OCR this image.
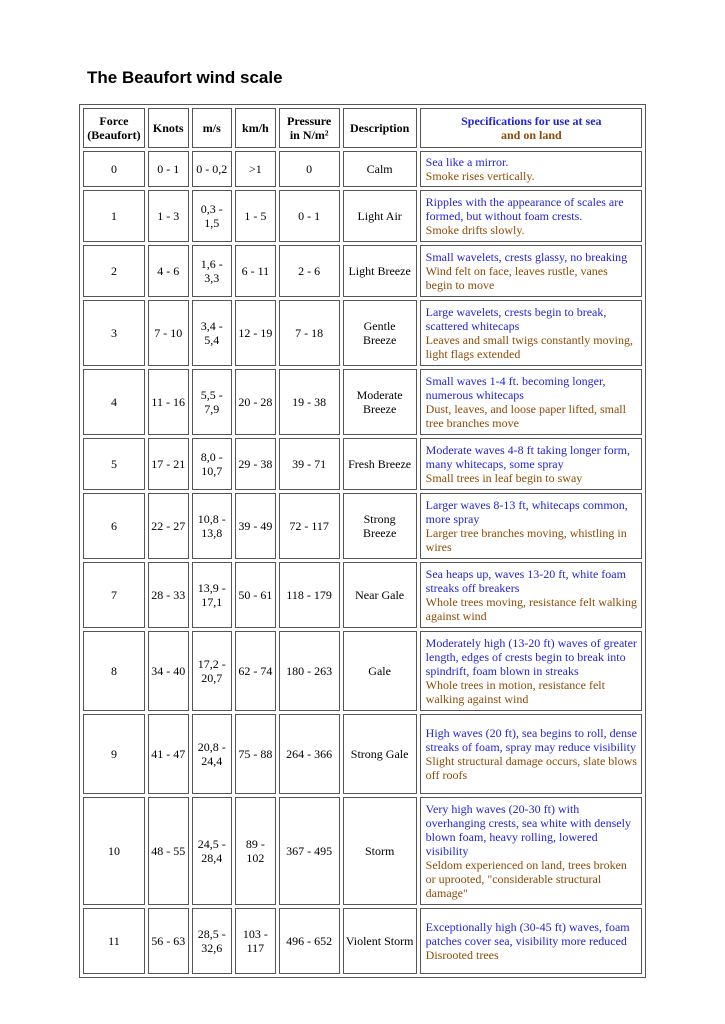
The Beaufort wind scale
Force (Beaufort)	Knots	m/s	km/h	Pressure in N/m²	Description	Specifications for use at sea
and on land

0	0 - 1	0 - 0,2	>1	0	Calm	Sea like a mirror.
Smoke rises vertically.

1	1 - 3	0,3 - 1,5	1 - 5	0 - 1	Light Air	Ripples with the appearance of scales are formed, but without foam crests.
Smoke drifts slowly.

2	4 - 6	1,6 - 3,3	6 - 11	2 - 6	Light Breeze	Small wavelets, crests glassy, no breaking
Wind felt on face, leaves rustle, vanes begin to move

3	7 - 10	3,4 - 5,4	12 - 19	7 - 18	Gentle Breeze	Large wavelets, crests begin to break, scattered whitecaps
Leaves and small twigs constantly moving, light flags extended

4	11 - 16	5,5 - 7,9	20 - 28	19 - 38	Moderate Breeze	Small waves 1-4 ft. becoming longer, numerous whitecaps
Dust, leaves, and loose paper lifted, small tree branches move

5	17 - 21	8,0 - 10,7	29 - 38	39 - 71	Fresh Breeze	Moderate waves 4-8 ft taking longer form, many whitecaps, some spray
Small trees in leaf begin to sway

6	22 - 27	10,8 - 13,8	39 - 49	72 - 117	Strong Breeze	Larger waves 8-13 ft, whitecaps common, more spray
Larger tree branches moving, whistling in wires

7	28 - 33	13,9 - 17,1	50 - 61	118 - 179	Near Gale	Sea heaps up, waves 13-20 ft, white foam streaks off breakers
Whole trees moving, resistance felt walking against wind

8	34 - 40	17,2 - 20,7	62 - 74	180 - 263	Gale	Moderately high (13-20 ft) waves of greater length, edges of crests begin to break into spindrift, foam blown in streaks
Whole trees in motion, resistance felt walking against wind

9	41 - 47	20,8 - 24,4	75 - 88	264 - 366	Strong Gale	High waves (20 ft), sea begins to roll, dense streaks of foam, spray may reduce visibility
Slight structural damage occurs, slate blows off roofs

10	48 - 55	24,5 - 28,4	89 - 102	367 - 495	Storm	Very high waves (20-30 ft) with overhanging crests, sea white with densely blown foam, heavy rolling, lowered visibility
Seldom experienced on land, trees broken or uprooted, "considerable structural damage"

11	56 - 63	28,5 - 32,6	103 - 117	496 - 652	Violent Storm	Exceptionally high (30-45 ft) waves, foam patches cover sea, visibility more reduced
Disrooted trees
